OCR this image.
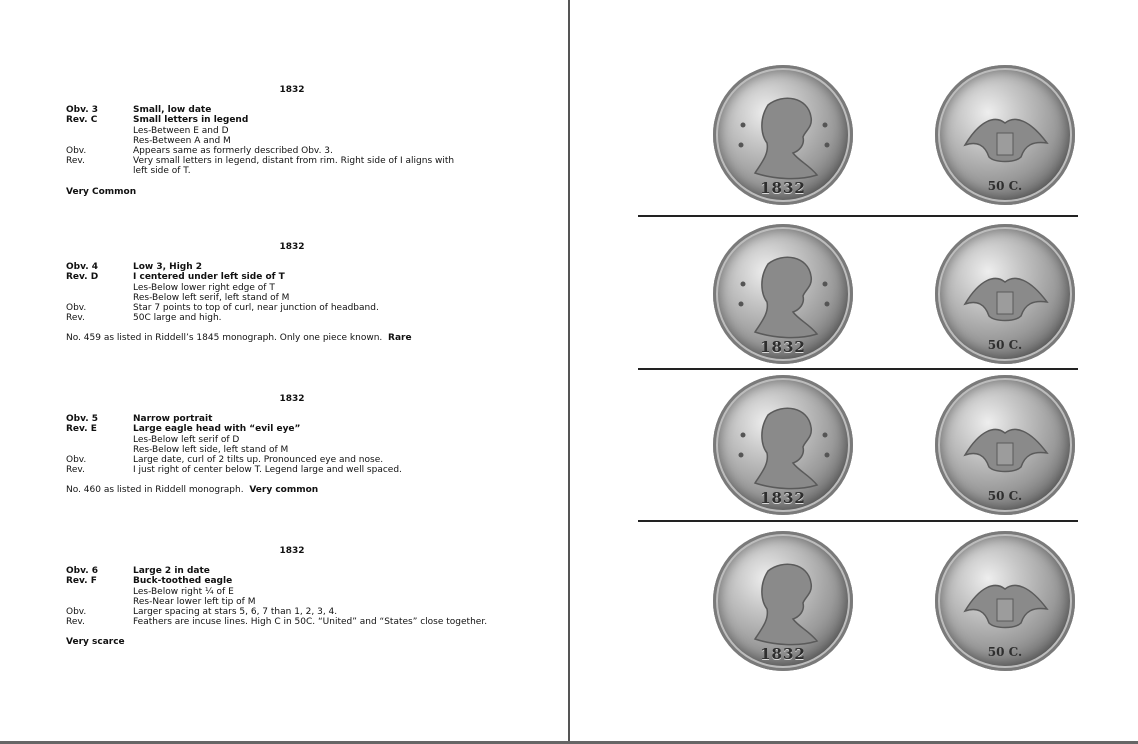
1832
Obv. 3	Small, low date
Rev. C	Small letters in legend
Les-Between E and D
Res-Between A and M
Obv.	Appears same as formerly described Obv. 3.
Rev.	Very small letters in legend, distant from rim. Right side of I aligns with left side of T.
Very Common
1832
Obv. 4	Low 3, High 2
Rev. D	I centered under left side of T
Les-Below lower right edge of T
Res-Below left serif, left stand of M
Obv.	Star 7 points to top of curl, near junction of headband.
Rev.	50C large and high.
No. 459 as listed in Riddell’s 1845 monograph. Only one piece known. Rare
1832
Obv. 5	Narrow portrait
Rev. E	Large eagle head with “evil eye”
Les-Below left serif of D
Res-Below left side, left stand of M
Obv.	Large date, curl of 2 tilts up. Pronounced eye and nose.
Rev.	I just right of center below T. Legend large and well spaced.
No. 460 as listed in Riddell monograph. Very common
1832
Obv. 6	Large 2 in date
Rev. F	Buck-toothed eagle
Les-Below right ¼ of E
Res-Near lower left tip of M
Obv.	Larger spacing at stars 5, 6, 7 than 1, 2, 3, 4.
Rev.	Feathers are incuse lines. High C in 50C. “United” and “States” close together.
Very scarce
1832	50 C.
1832	50 C.
1832	50 C.
1832	50 C.
